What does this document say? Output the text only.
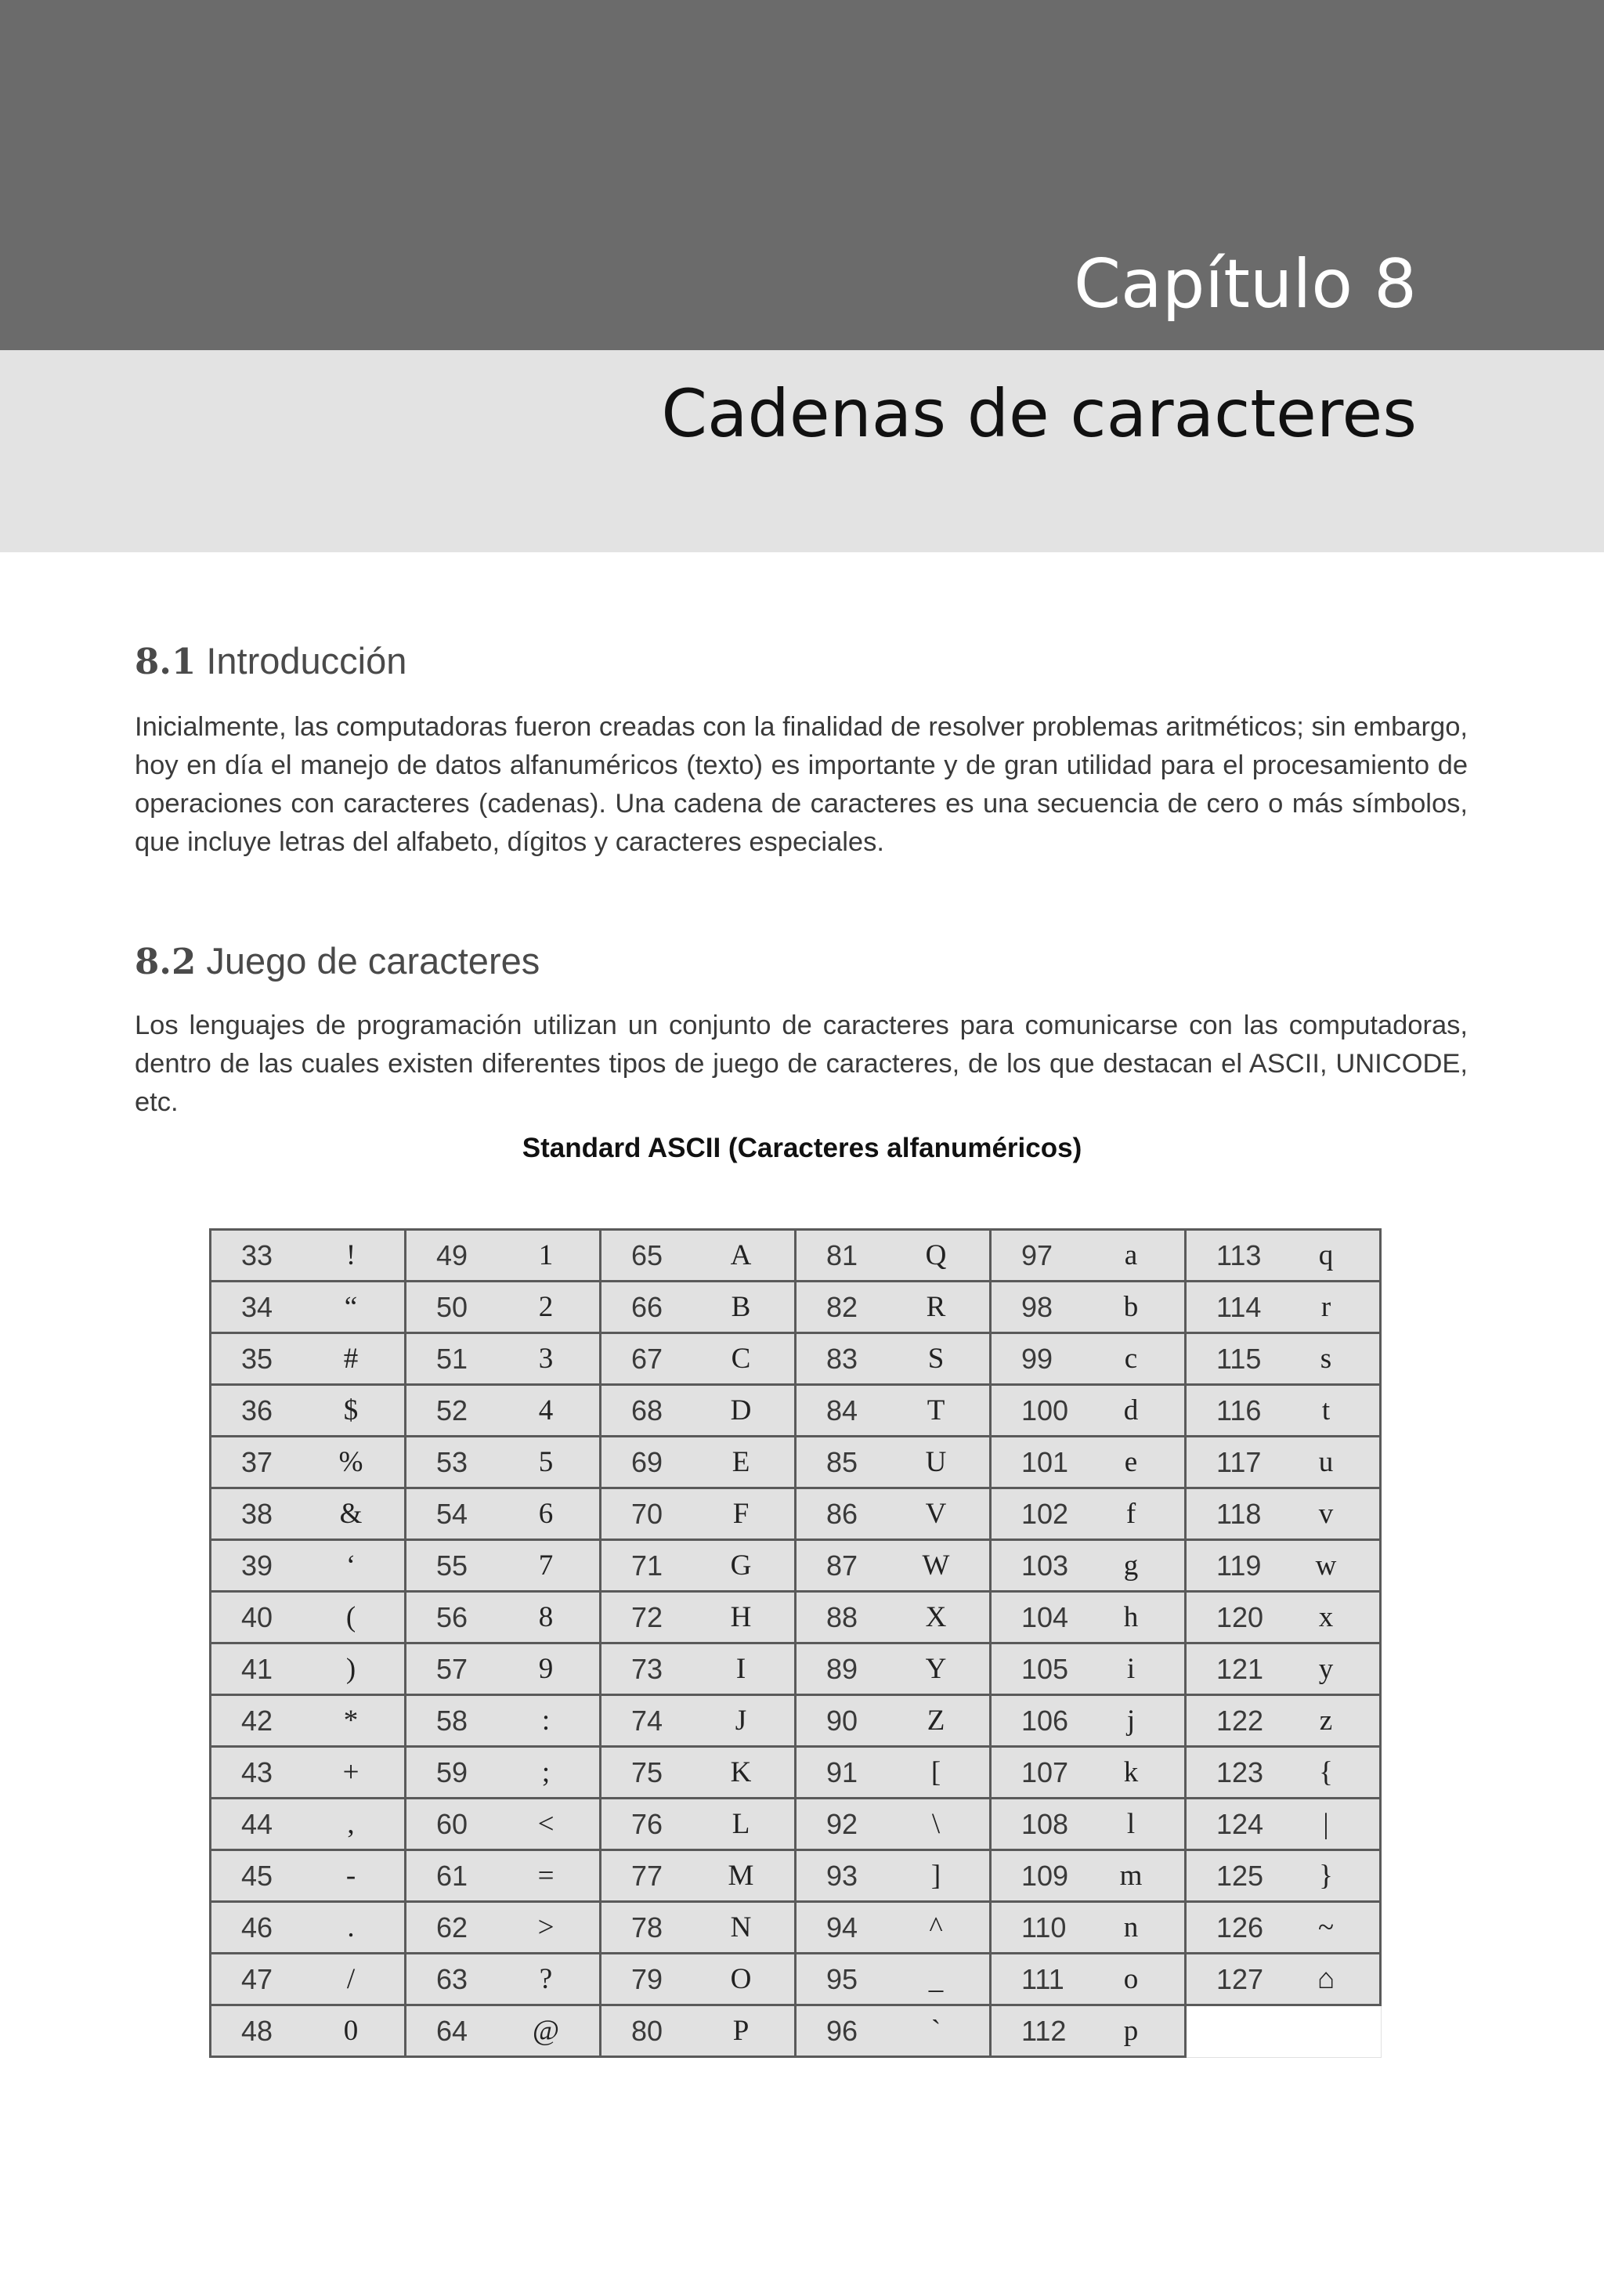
Capítulo 8
Cadenas de caracteres
8.1 Introducción

Inicialmente, las computadoras fueron creadas con la finalidad de resolver problemas aritméticos; sin embargo, hoy en día el manejo de datos alfanuméricos (texto) es importante y de gran utilidad para el procesamiento de operaciones con caracteres (cadenas). Una cadena de caracteres es una secuencia de cero o más símbolos, que incluye letras del alfabeto, dígitos y caracteres especiales.

8.2 Juego de caracteres

Los lenguajes de programación utilizan un conjunto de caracteres para comunicarse con las computadoras, dentro de las cuales existen diferentes tipos de juego de caracteres, de los que destacan el ASCII, UNICODE, etc.

Standard ASCII (Caracteres alfanuméricos)
33 !	49 1	65 A	81 Q	97 a	113 q

34 “	50 2	66 B	82 R	98 b	114 r

35 #	51 3	67 C	83 S	99 c	115 s

36 $	52 4	68 D	84 T	100 d	116 t

37 %	53 5	69 E	85 U	101 e	117 u

38 &	54 6	70 F	86 V	102 f	118 v

39 ‘	55 7	71 G	87 W	103 g	119 w

40 (	56 8	72 H	88 X	104 h	120 x

41 )	57 9	73 I	89 Y	105 i	121 y

42 *	58 :	74 J	90 Z	106 j	122 z

43 +	59 ;	75 K	91 [	107 k	123 {

44 ,	60 <	76 L	92 \	108 l	124 |

45 -	61 =	77 M	93 ]	109 m	125 }

46 .	62 >	78 N	94 ^	110 n	126 ~

47 /	63 ?	79 O	95 _	111 o	127 ⌂

48 0	64 @	80 P	96 `	112 p	
